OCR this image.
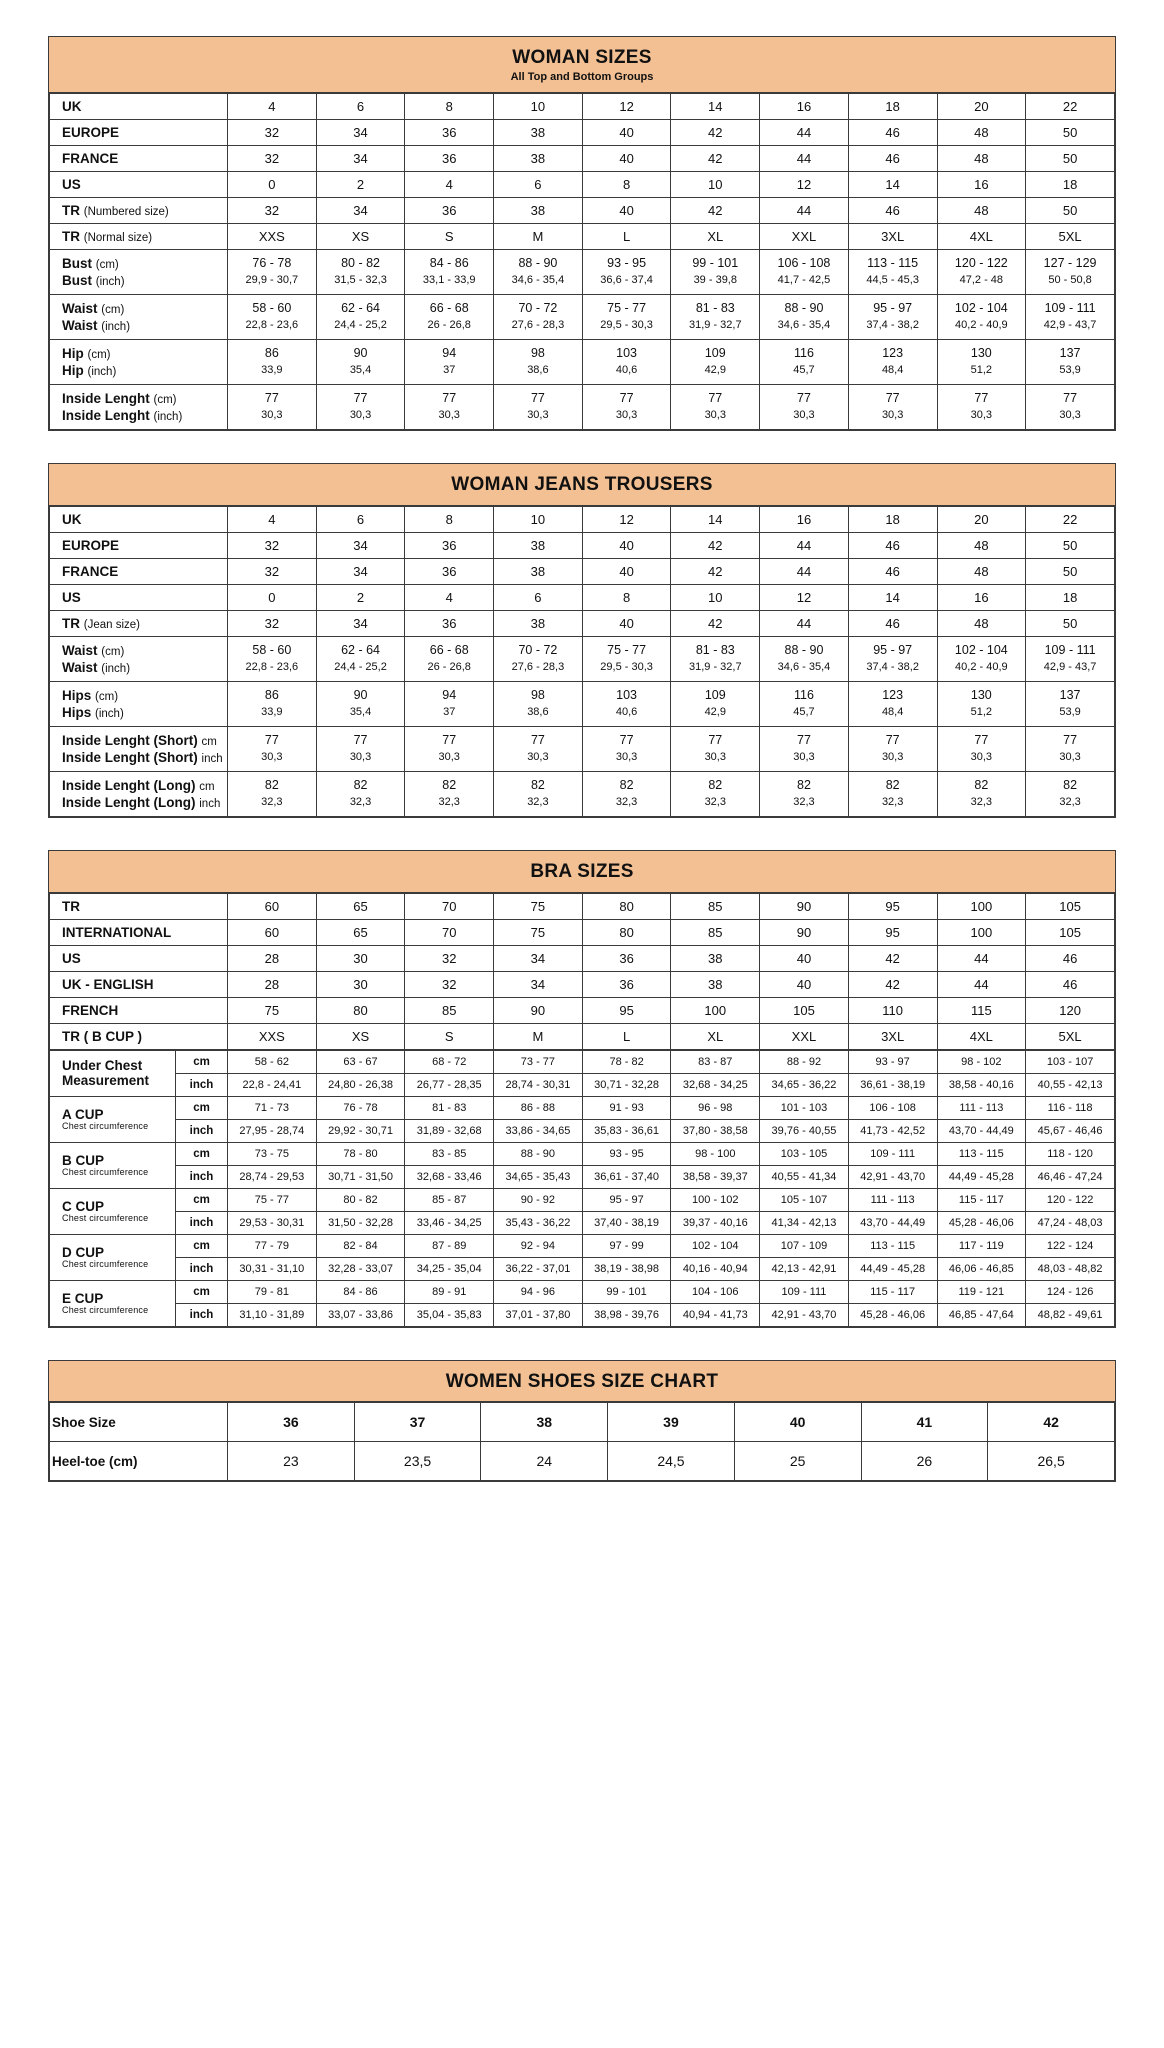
WOMAN SIZES
All Top and Bottom Groups
UK	4	6	8	10	12	14	16	18	20	22
EUROPE	32	34	36	38	40	42	44	46	48	50
FRANCE	32	34	36	38	40	42	44	46	48	50
US	0	2	4	6	8	10	12	14	16	18
TR (Numbered size)	32	34	36	38	40	42	44	46	48	50
TR (Normal size)	XXS	XS	S	M	L	XL	XXL	3XL	4XL	5XL
Bust (cm)	76 - 78	80 - 82	84 - 86	88 - 90	93 - 95	99 - 101	106 - 108	113 - 115	120 - 122	127 - 129
Bust (inch)	29,9 - 30,7	31,5 - 32,3	33,1 - 33,9	34,6 - 35,4	36,6 - 37,4	39 - 39,8	41,7 - 42,5	44,5 - 45,3	47,2 - 48	50 - 50,8
Waist (cm)	58 - 60	62 - 64	66 - 68	70 - 72	75 - 77	81 - 83	88 - 90	95 - 97	102 - 104	109 - 111
Waist (inch)	22,8 - 23,6	24,4 - 25,2	26 - 26,8	27,6 - 28,3	29,5 - 30,3	31,9 - 32,7	34,6 - 35,4	37,4 - 38,2	40,2 - 40,9	42,9 - 43,7
Hip (cm)	86	90	94	98	103	109	116	123	130	137
Hip (inch)	33,9	35,4	37	38,6	40,6	42,9	45,7	48,4	51,2	53,9
Inside Lenght (cm)	77	77	77	77	77	77	77	77	77	77
Inside Lenght (inch)	30,3	30,3	30,3	30,3	30,3	30,3	30,3	30,3	30,3	30,3
WOMAN JEANS TROUSERS
UK	4	6	8	10	12	14	16	18	20	22
EUROPE	32	34	36	38	40	42	44	46	48	50
FRANCE	32	34	36	38	40	42	44	46	48	50
US	0	2	4	6	8	10	12	14	16	18
TR (Jean size)	32	34	36	38	40	42	44	46	48	50
Waist (cm)	58 - 60	62 - 64	66 - 68	70 - 72	75 - 77	81 - 83	88 - 90	95 - 97	102 - 104	109 - 111
Waist (inch)	22,8 - 23,6	24,4 - 25,2	26 - 26,8	27,6 - 28,3	29,5 - 30,3	31,9 - 32,7	34,6 - 35,4	37,4 - 38,2	40,2 - 40,9	42,9 - 43,7
Hips (cm)	86	90	94	98	103	109	116	123	130	137
Hips (inch)	33,9	35,4	37	38,6	40,6	42,9	45,7	48,4	51,2	53,9
Inside Lenght (Short) cm	77	77	77	77	77	77	77	77	77	77
Inside Lenght (Short) inch	30,3	30,3	30,3	30,3	30,3	30,3	30,3	30,3	30,3	30,3
Inside Lenght (Long) cm	82	82	82	82	82	82	82	82	82	82
Inside Lenght (Long) inch	32,3	32,3	32,3	32,3	32,3	32,3	32,3	32,3	32,3	32,3
BRA SIZES
TR	60	65	70	75	80	85	90	95	100	105
INTERNATIONAL	60	65	70	75	80	85	90	95	100	105
US	28	30	32	34	36	38	40	42	44	46
UK - ENGLISH	28	30	32	34	36	38	40	42	44	46
FRENCH	75	80	85	90	95	100	105	110	115	120
TR ( B CUP )	XXS	XS	S	M	L	XL	XXL	3XL	4XL	5XL
Under Chest
Measurement	cm	58 - 62	63 - 67	68 - 72	73 - 77	78 - 82	83 - 87	88 - 92	93 - 97	98 - 102	103 - 107
	inch	22,8 - 24,41	24,80 - 26,38	26,77 - 28,35	28,74 - 30,31	30,71 - 32,28	32,68 - 34,25	34,65 - 36,22	36,61 - 38,19	38,58 - 40,16	40,55 - 42,13
A CUP
Chest circumference	cm	71 - 73	76 - 78	81 - 83	86 - 88	91 - 93	96 - 98	101 - 103	106 - 108	111 - 113	116 - 118
	inch	27,95 - 28,74	29,92 - 30,71	31,89 - 32,68	33,86 - 34,65	35,83 - 36,61	37,80 - 38,58	39,76 - 40,55	41,73 - 42,52	43,70 - 44,49	45,67 - 46,46
B CUP
Chest circumference	cm	73 - 75	78 - 80	83 - 85	88 - 90	93 - 95	98 - 100	103 - 105	109 - 111	113 - 115	118 - 120
	inch	28,74 - 29,53	30,71 - 31,50	32,68 - 33,46	34,65 - 35,43	36,61 - 37,40	38,58 - 39,37	40,55 - 41,34	42,91 - 43,70	44,49 - 45,28	46,46 - 47,24
C CUP
Chest circumference	cm	75 - 77	80 - 82	85 - 87	90 - 92	95 - 97	100 - 102	105 - 107	111 - 113	115 - 117	120 - 122
	inch	29,53 - 30,31	31,50 - 32,28	33,46 - 34,25	35,43 - 36,22	37,40 - 38,19	39,37 - 40,16	41,34 - 42,13	43,70 - 44,49	45,28 - 46,06	47,24 - 48,03
D CUP
Chest circumference	cm	77 - 79	82 - 84	87 - 89	92 - 94	97 - 99	102 - 104	107 - 109	113 - 115	117 - 119	122 - 124
	inch	30,31 - 31,10	32,28 - 33,07	34,25 - 35,04	36,22 - 37,01	38,19 - 38,98	40,16 - 40,94	42,13 - 42,91	44,49 - 45,28	46,06 - 46,85	48,03 - 48,82
E CUP
Chest circumference	cm	79 - 81	84 - 86	89 - 91	94 - 96	99 - 101	104 - 106	109 - 111	115 - 117	119 - 121	124 - 126
	inch	31,10 - 31,89	33,07 - 33,86	35,04 - 35,83	37,01 - 37,80	38,98 - 39,76	40,94 - 41,73	42,91 - 43,70	45,28 - 46,06	46,85 - 47,64	48,82 - 49,61
WOMEN SHOES SIZE CHART
Shoe Size	36	37	38	39	40	41	42
Heel-toe (cm)	23	23,5	24	24,5	25	26	26,5
